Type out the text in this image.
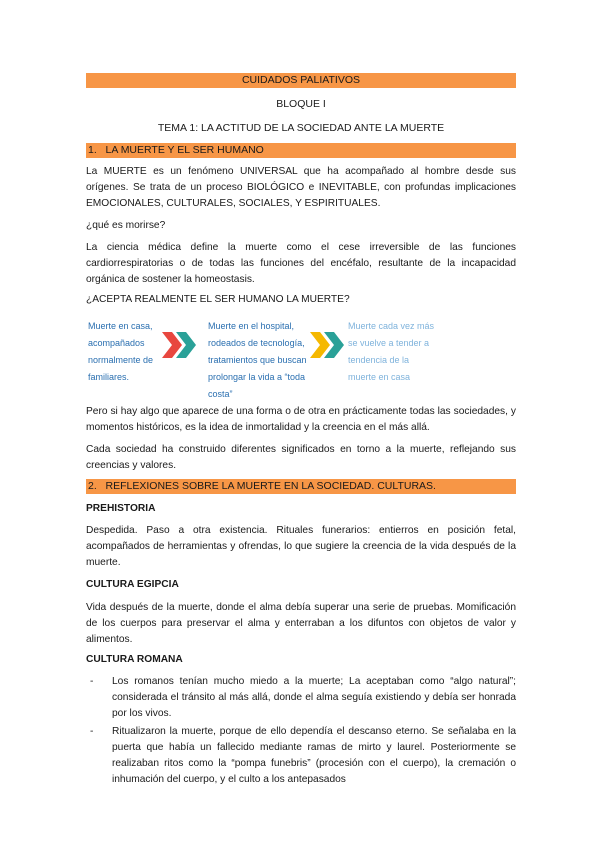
CUIDADOS PALIATIVOS
BLOQUE I
TEMA 1: LA ACTITUD DE LA SOCIEDAD ANTE LA MUERTE
1.   LA MUERTE Y EL SER HUMANO
La MUERTE es un fenómeno UNIVERSAL que ha acompañado al hombre desde sus orígenes. Se trata de un proceso BIOLÓGICO e INEVITABLE, con profundas implicaciones EMOCIONALES, CULTURALES, SOCIALES, Y ESPIRITUALES.
¿qué es morirse?
La ciencia médica define la muerte como el cese irreversible de las funciones cardiorrespiratorias o de todas las funciones del encéfalo, resultante de la incapacidad orgánica de sostener la homeostasis.
¿ACEPTA REALMENTE EL SER HUMANO LA MUERTE?
Muerte en casa,
acompañados
normalmente de
familiares.
Muerte en el hospital,
rodeados de tecnología,
tratamientos que buscan
prolongar la vida a “toda costa”
Muerte cada vez más
se vuelve a tender a
tendencia de la
muerte en casa
Pero si hay algo que aparece de una forma o de otra en prácticamente todas las sociedades, y momentos históricos, es la idea de inmortalidad y la creencia en el más allá.
Cada sociedad ha construido diferentes significados en torno a la muerte, reflejando sus creencias y valores.
2.   REFLEXIONES SOBRE LA MUERTE EN LA SOCIEDAD. CULTURAS.
PREHISTORIA
Despedida. Paso a otra existencia. Rituales funerarios: entierros en posición fetal, acompañados de herramientas y ofrendas, lo que sugiere la creencia de la vida después de la muerte.
CULTURA EGIPCIA
Vida después de la muerte, donde el alma debía superar una serie de pruebas. Momificación de los cuerpos para preservar el alma y enterraban a los difuntos con objetos de valor y alimentos.
CULTURA ROMANA
- Los romanos tenían mucho miedo a la muerte; La aceptaban como “algo natural”; considerada el tránsito al más allá, donde el alma seguía existiendo y debía ser honrada por los vivos.
- Ritualizaron la muerte, porque de ello dependía el descanso eterno. Se señalaba en la puerta que había un fallecido mediante ramas de mirto y laurel. Posteriormente se realizaban ritos como la “pompa funebris” (procesión con el cuerpo), la cremación o inhumación del cuerpo, y el culto a los antepasados
